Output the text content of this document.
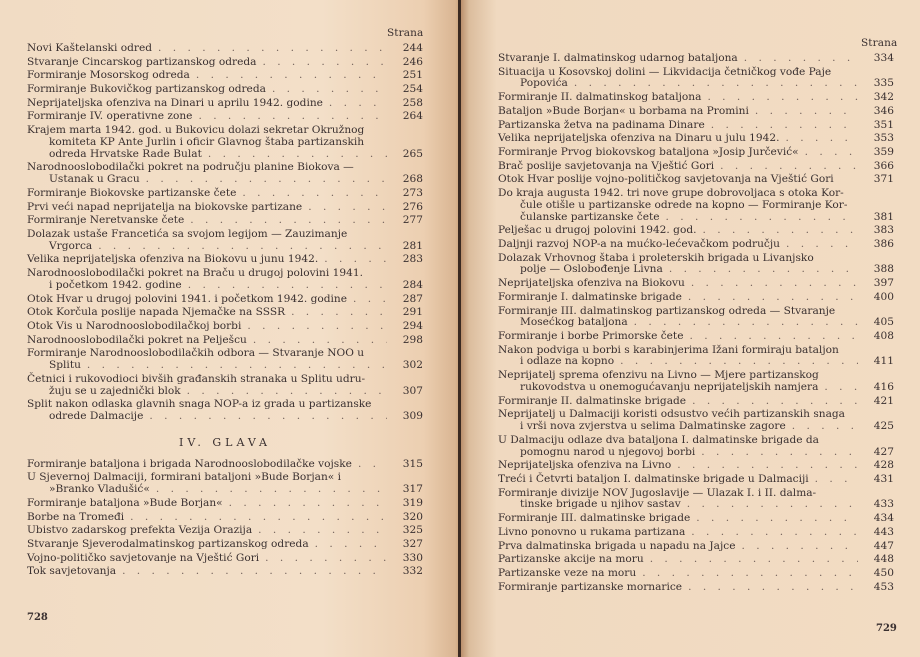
Strana
Novi Kaštelanski odred . . .	244
Stvaranje Cincarskog partizanskog odreda . . .	246
Formiranje Mosorskog odreda . . .	251
Formiranje Bukovičkog partizanskog odreda . . .	254
Neprijateljska ofenziva na Dinari u aprilu 1942. godine . . .	258
Formiranje IV. operativne zone . . .	264
Krajem marta 1942. god. u Bukovicu dolazi sekretar Okružnog
komiteta KP Ante Jurlin i oficir Glavnog štaba partizanskih
odreda Hrvatske Rade Bulat . . .	265
Narodnooslobodilački pokret na području planine Biokova —
Ustanak u Gracu . . .	268
Formiranje Biokovske partizanske čete . . .	273
Prvi veći napad neprijatelja na biokovske partizane . . .	276
Formiranje Neretvanske čete . . .	277
Dolazak ustaše Francetića sa svojom legijom — Zauzimanje
Vrgorca . . .	281
Velika neprijateljska ofenziva na Biokovu u junu 1942. . . .	283
Narodnooslobodilački pokret na Braču u drugoj polovini 1941.
i početkom 1942. godine . . .	284
Otok Hvar u drugoj polovini 1941. i početkom 1942. godine . . .	287
Otok Korčula poslije napada Njemačke na SSSR . . .	291
Otok Vis u Narodnooslobodilačkoj borbi . . .	294
Narodnooslobodilački pokret na Pelješcu . . .	298
Formiranje Narodnooslobodilačkih odbora — Stvaranje NOO u
Splitu . . .	302
Četnici i rukovodioci bivših građanskih stranaka u Splitu udru-
žuju se u zajednički blok . . .	307
Split nakon odlaska glavnih snaga NOP-a iz grada u partizanske
odrede Dalmacije . . .	309
IV. GLAVA
Formiranje bataljona i brigada Narodnooslobodilačke vojske . . .	315
U Sjevernoj Dalmaciji, formirani bataljoni »Bude Borjan« i
»Branko Vladušić« . . .	317
Formiranje bataljona »Bude Borjan« . . .	319
Borbe na Tromeđi . . .	320
Ubistvo zadarskog prefekta Vezija Orazija . . .	325
Stvaranje Sjeverodalmatinskog partizanskog odreda . . .	327
Vojno-političko savjetovanje na Vještić Gori . . .	330
Tok savjetovanja . . .	332
728
Strana
Stvaranje I. dalmatinskog udarnog bataljona . . .	334
Situacija u Kosovskoj dolini — Likvidacija četničkog vođe Paje
Popovića . . .	335
Formiranje II. dalmatinskog bataljona . . .	342
Bataljon »Bude Borjan« u borbama na Promini . . .	346
Partizanska žetva na padinama Dinare . . .	351
Velika neprijateljska ofenziva na Dinaru u julu 1942. . . .	353
Formiranje Prvog biokovskog bataljona »Josip Jurčević« . . .	359
Brač poslije savjetovanja na Vještić Gori . . .	366
Otok Hvar poslije vojno-političkog savjetovanja na Vještić Gori	371
Do kraja augusta 1942. tri nove grupe dobrovoljaca s otoka Kor-
čule otišle u partizanske odrede na kopno — Formiranje Kor-
čulanske partizanske čete . . .	381
Pelješac u drugoj polovini 1942. god. . . .	383
Daljnji razvoj NOP-a na mućko-lećevačkom području . . .	386
Dolazak Vrhovnog štaba i proleterskih brigada u Livanjsko
polje — Oslobođenje Livna . . .	388
Neprijateljska ofenziva na Biokovu . . .	397
Formiranje I. dalmatinske brigade . . .	400
Formiranje III. dalmatinskog partizanskog odreda — Stvaranje
Mosećkog bataljona . . .	405
Formiranje i borbe Primorske čete . . .	408
Nakon podviga u borbi s karabinjerima Ižani formiraju bataljon
i odlaze na kopno . . .	411
Neprijatelj sprema ofenzivu na Livno — Mjere partizanskog
rukovodstva u onemogućavanju neprijateljskih namjera . . .	416
Formiranje II. dalmatinske brigade . . .	421
Neprijatelj u Dalmaciji koristi odsustvo većih partizanskih snaga
i vrši nova zvjerstva u selima Dalmatinske zagore . . .	425
U Dalmaciju odlaze dva bataljona I. dalmatinske brigade da
pomognu narod u njegovoj borbi . . .	427
Neprijateljska ofenziva na Livno . . .	428
Treći i Četvrti bataljon I. dalmatinske brigade u Dalmaciji . . .	431
Formiranje divizije NOV Jugoslavije — Ulazak I. i II. dalma-
tinske brigade u njihov sastav . . .	433
Formiranje III. dalmatinske brigade . . .	434
Livno ponovno u rukama partizana . . .	443
Prva dalmatinska brigada u napadu na Jajce . . .	447
Partizanske akcije na moru . . .	448
Partizanske veze na moru . . .	450
Formiranje partizanske mornarice . . .	453
729
